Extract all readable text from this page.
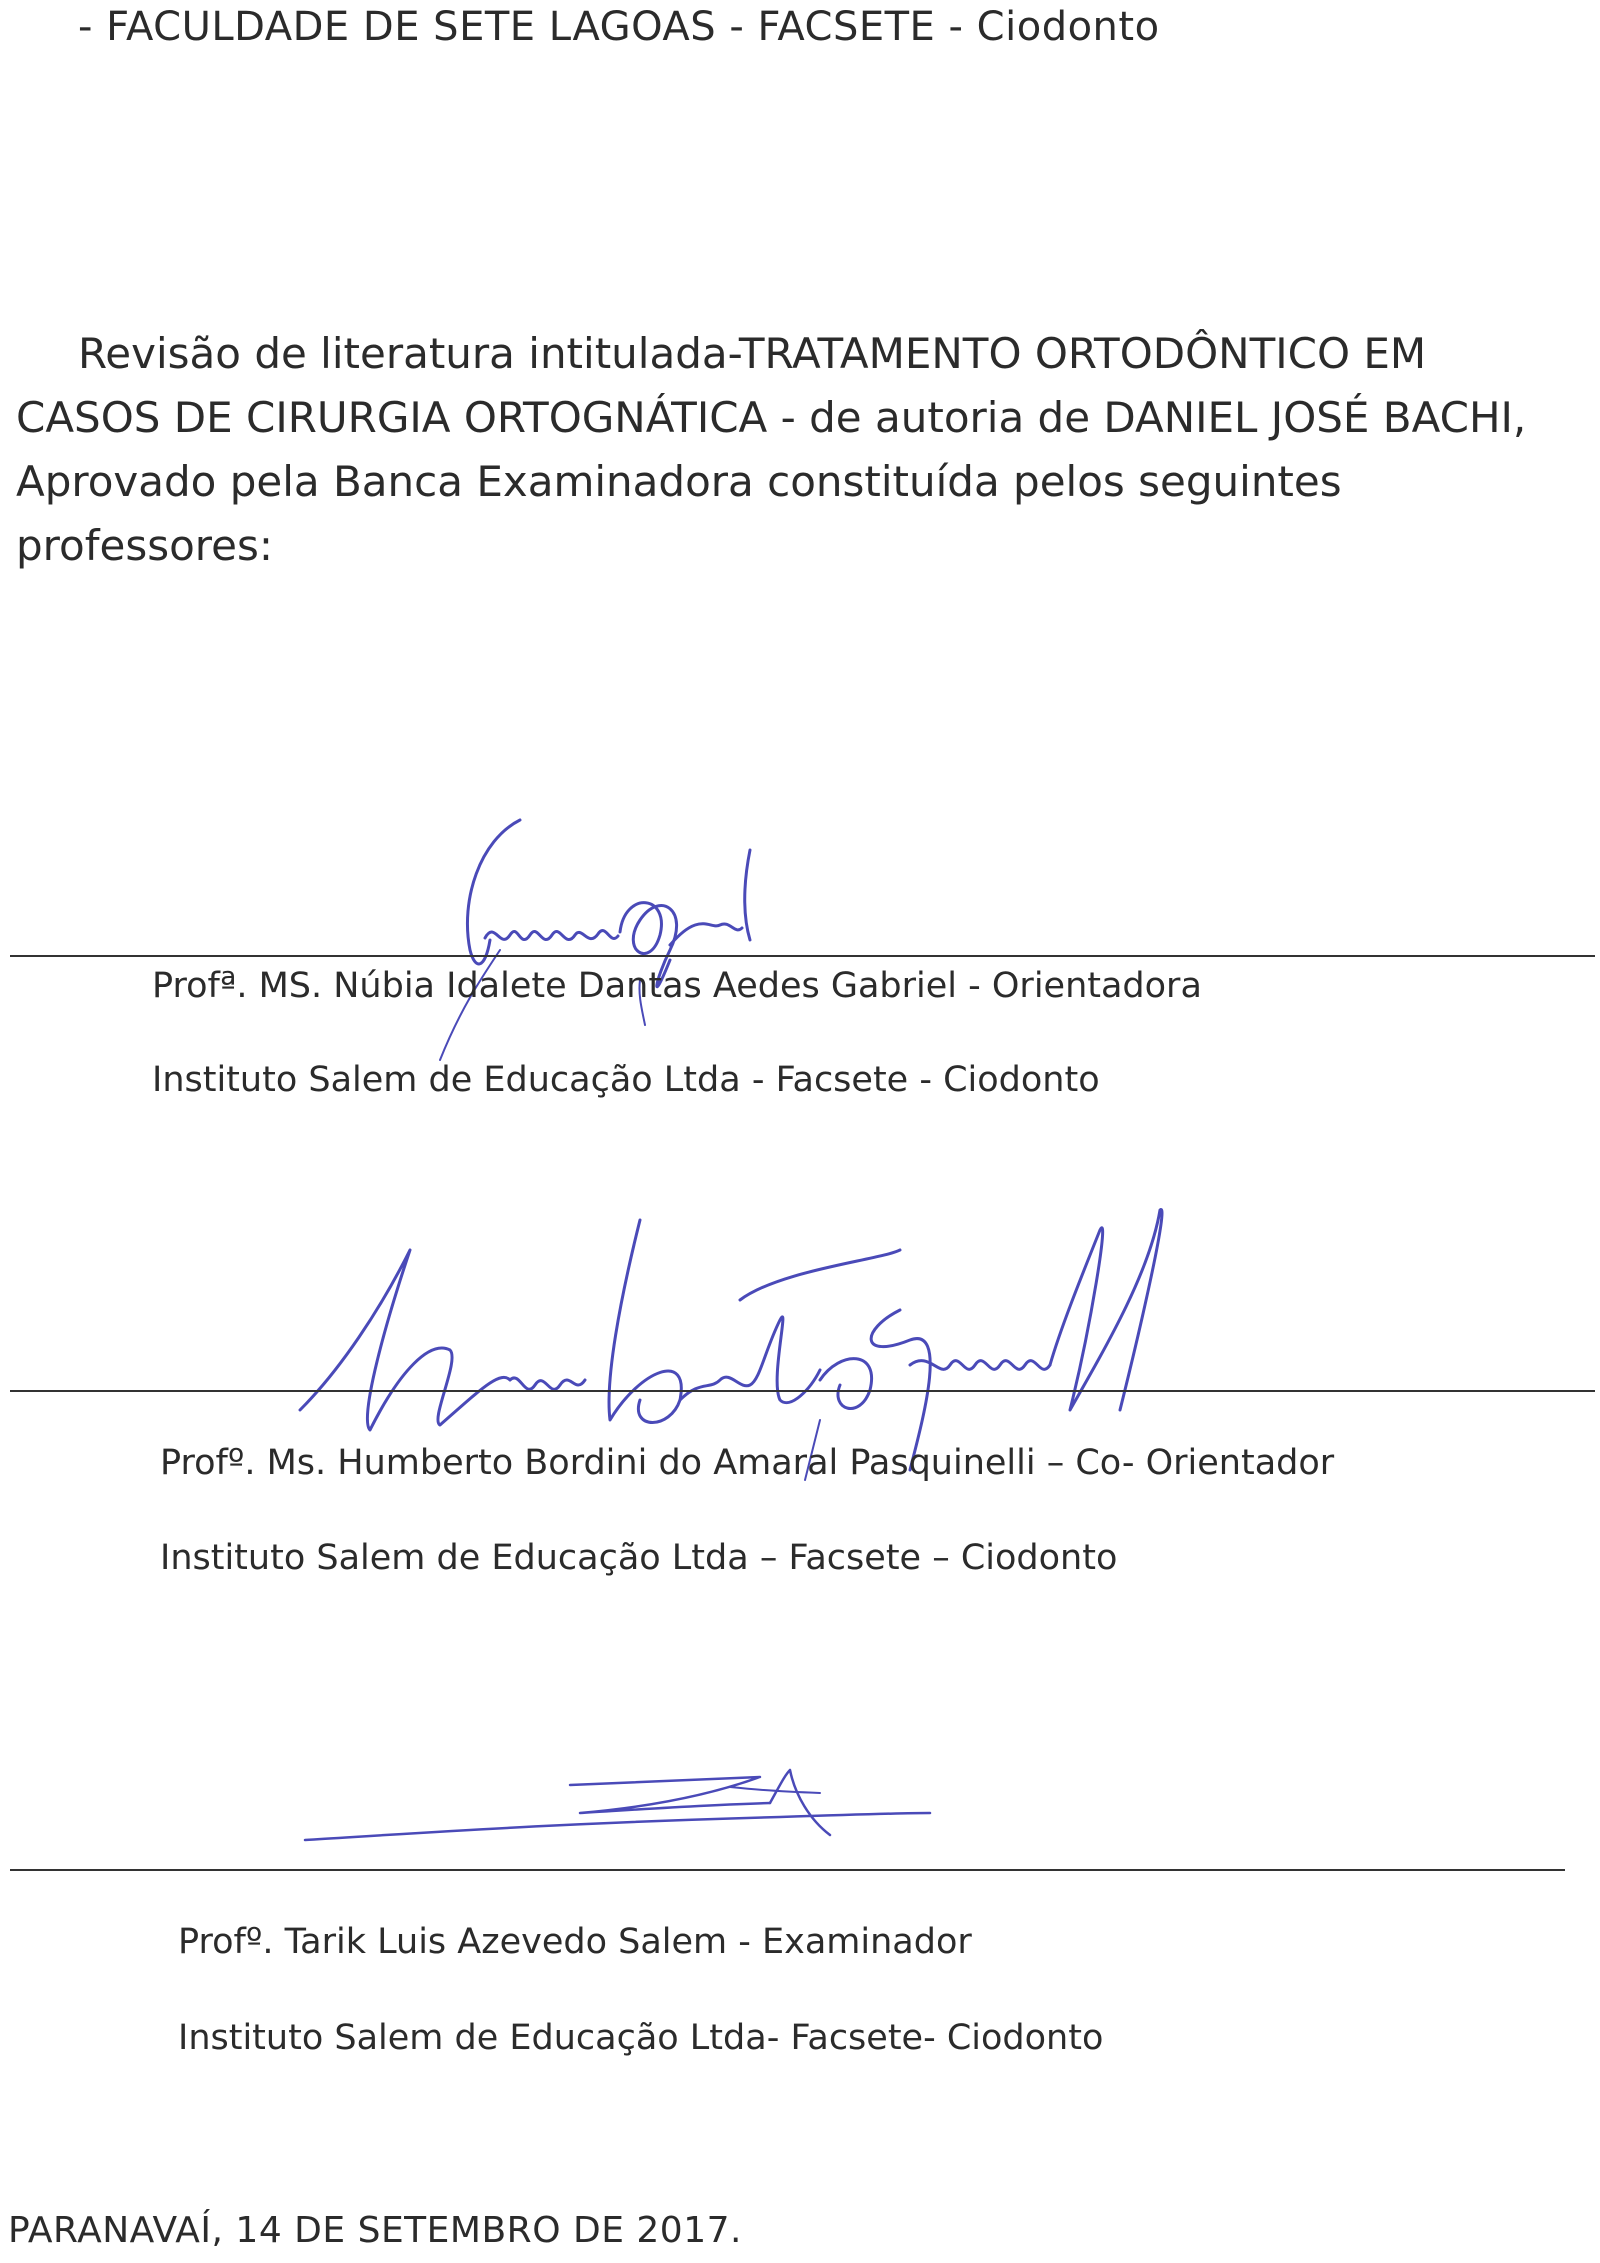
- FACULDADE DE SETE LAGOAS - FACSETE - Ciodonto
Revisão de literatura intitulada-TRATAMENTO ORTODÔNTICO EM
CASOS DE CIRURGIA ORTOGNÁTICA - de autoria de DANIEL JOSÉ BACHI,
Aprovado pela Banca Examinadora constituída pelos seguintes
professores:
Profª. MS. Núbia Idalete Dantas Aedes Gabriel - Orientadora
Instituto Salem de Educação Ltda - Facsete - Ciodonto
Profº. Ms. Humberto Bordini do Amaral Pasquinelli – Co- Orientador
Instituto Salem de Educação Ltda – Facsete – Ciodonto
Profº. Tarik Luis Azevedo Salem - Examinador
Instituto Salem de Educação Ltda- Facsete- Ciodonto
PARANAVAÍ, 14 DE SETEMBRO DE 2017.
